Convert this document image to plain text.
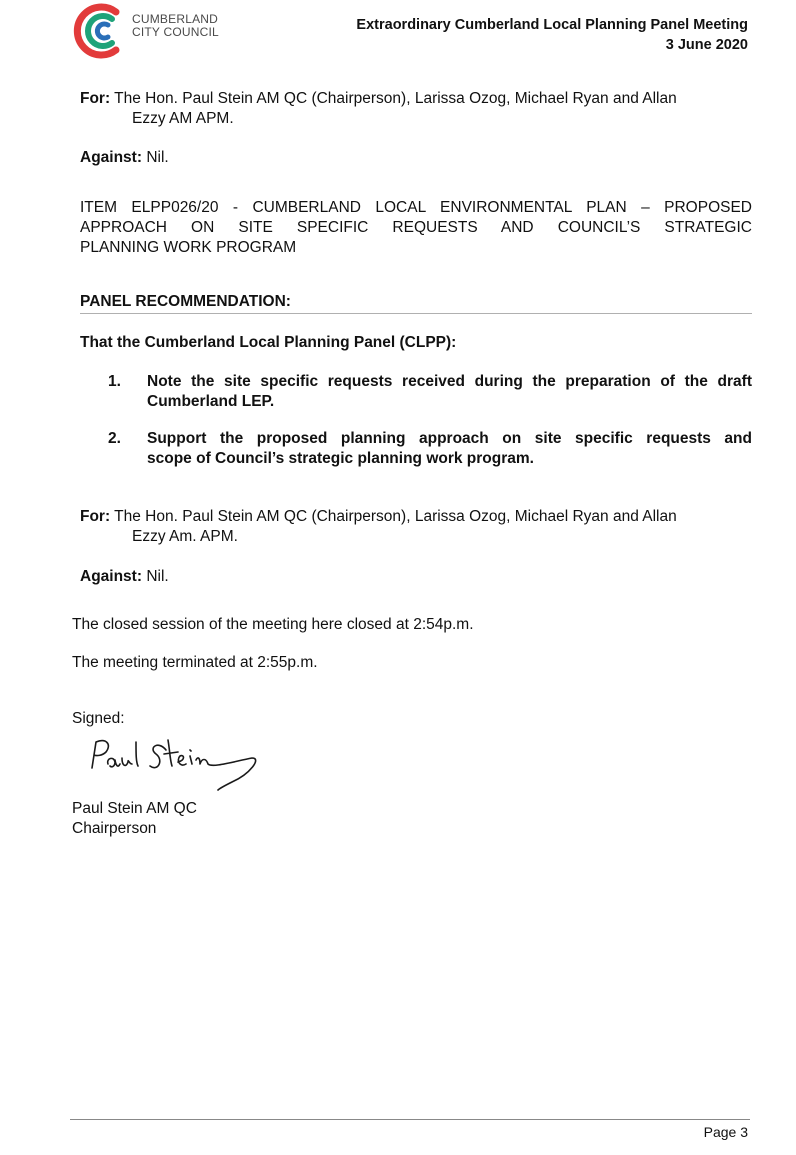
CUMBERLAND
CITY COUNCIL	Extraordinary Cumberland Local Planning Panel Meeting
3 June 2020
For: The Hon. Paul Stein AM QC (Chairperson), Larissa Ozog, Michael Ryan and Allan
Ezzy AM APM.
Against: Nil.
ITEM ELPP026/20 - CUMBERLAND LOCAL ENVIRONMENTAL PLAN – PROPOSED
APPROACH ON SITE SPECIFIC REQUESTS AND COUNCIL’S STRATEGIC
PLANNING WORK PROGRAM
PANEL RECOMMENDATION:
That the Cumberland Local Planning Panel (CLPP):
1.	Note the site specific requests received during the preparation of the draft
Cumberland LEP.
2.	Support the proposed planning approach on site specific requests and
scope of Council’s strategic planning work program.
For: The Hon. Paul Stein AM QC (Chairperson), Larissa Ozog, Michael Ryan and Allan
Ezzy Am. APM.
Against: Nil.
The closed session of the meeting here closed at 2:54p.m.
The meeting terminated at 2:55p.m.
Signed:
Paul Stein AM QC
Chairperson
Page 3
